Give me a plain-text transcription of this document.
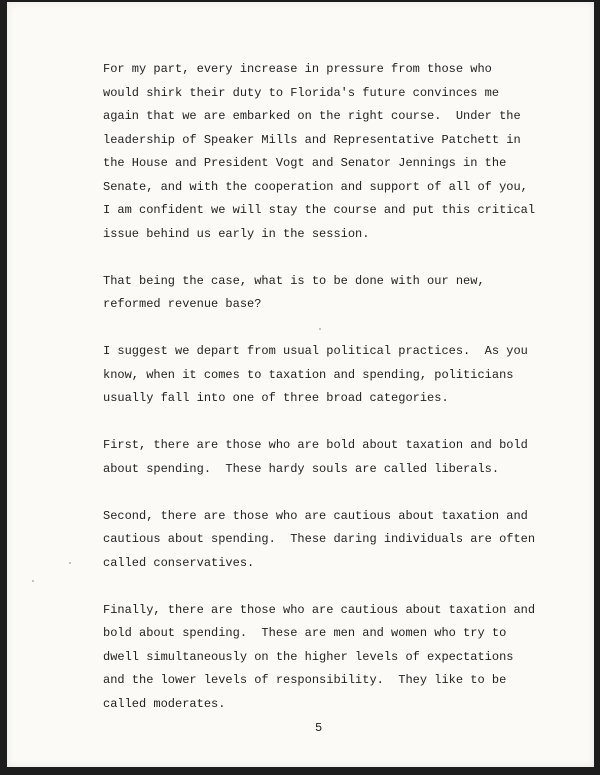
For my part, every increase in pressure from those who
would shirk their duty to Florida's future convinces me
again that we are embarked on the right course.  Under the
leadership of Speaker Mills and Representative Patchett in
the House and President Vogt and Senator Jennings in the
Senate, and with the cooperation and support of all of you,
I am confident we will stay the course and put this critical
issue behind us early in the session.
That being the case, what is to be done with our new,
reformed revenue base?
I suggest we depart from usual political practices.  As you
know, when it comes to taxation and spending, politicians
usually fall into one of three broad categories.
First, there are those who are bold about taxation and bold
about spending.  These hardy souls are called liberals.
Second, there are those who are cautious about taxation and
cautious about spending.  These daring individuals are often
called conservatives.
Finally, there are those who are cautious about taxation and
bold about spending.  These are men and women who try to
dwell simultaneously on the higher levels of expectations
and the lower levels of responsibility.  They like to be
called moderates.
5
